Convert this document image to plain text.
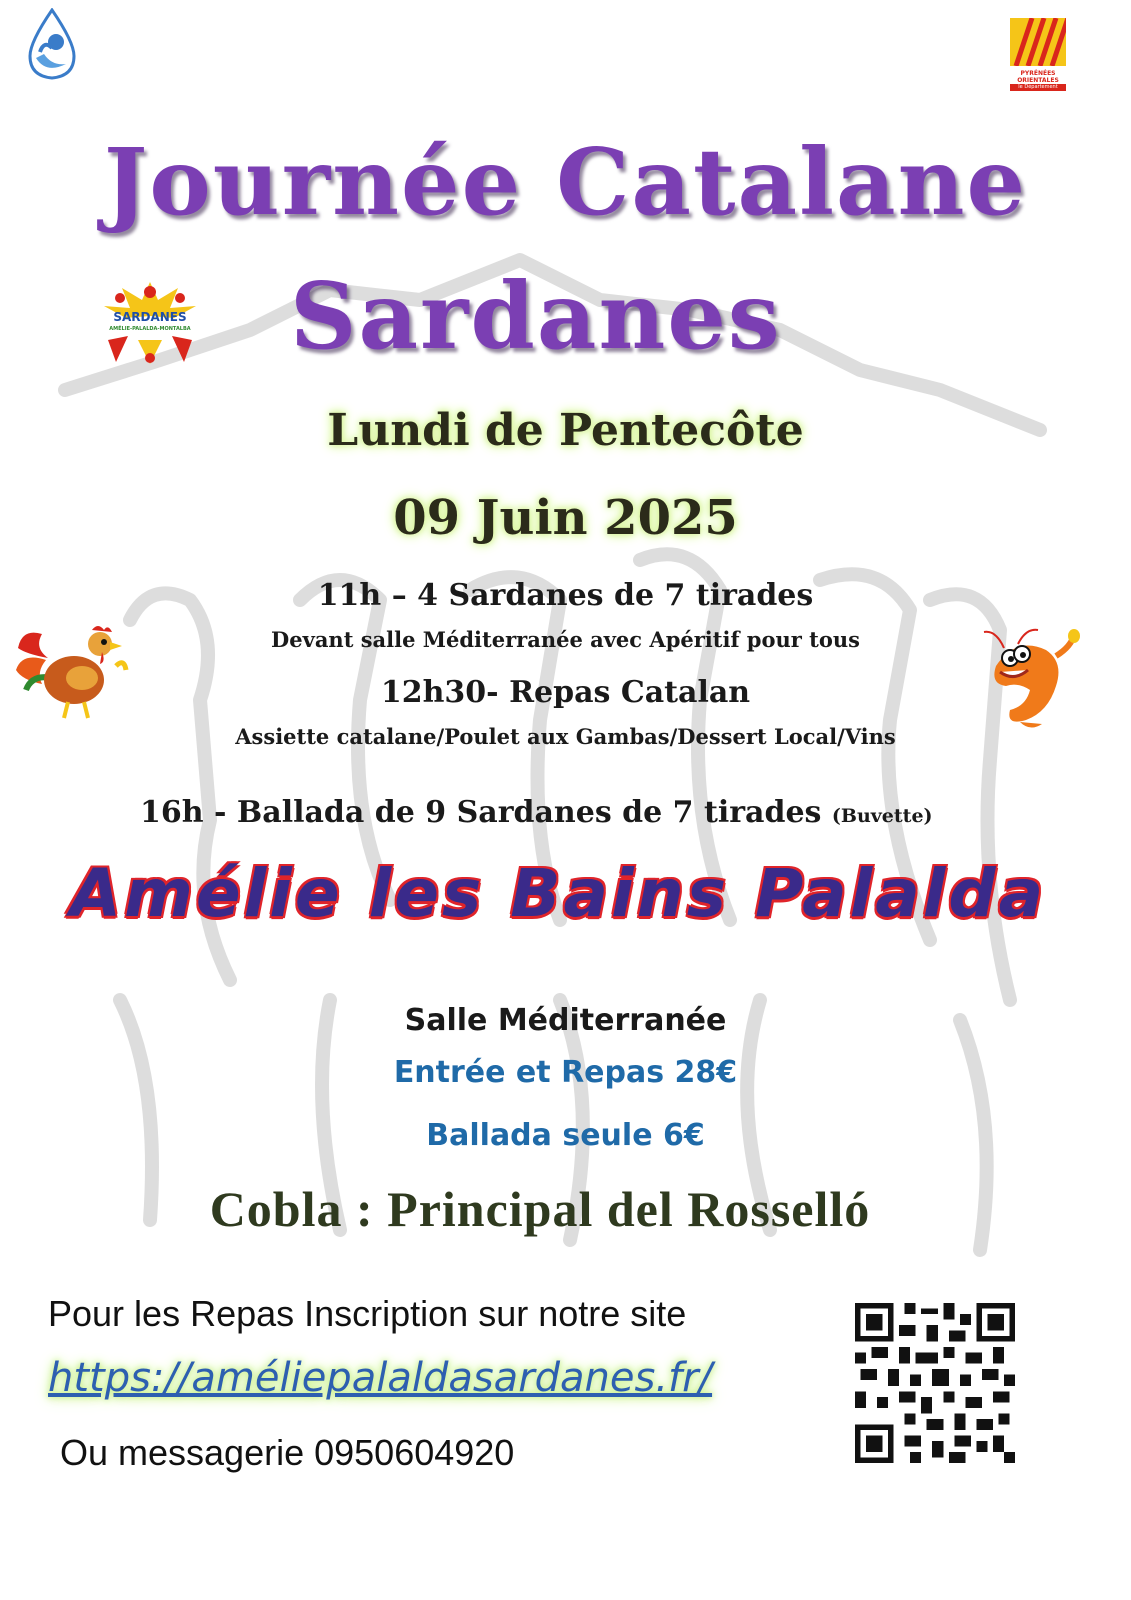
PYRÉNÉES ORIENTALES
le Département
Journée Catalane
SARDANES
AMÉLIE-PALALDA-MONTALBA Sardanes
Lundi de Pentecôte
09 Juin 2025
11h – 4 Sardanes de 7 tirades
Devant salle Méditerranée avec Apéritif pour tous
12h30- Repas Catalan
Assiette catalane/Poulet aux Gambas/Dessert Local/Vins
16h - Ballada de 9 Sardanes de 7 tirades (Buvette)
Amélie les Bains Palalda
Salle Méditerranée
Entrée et Repas 28€
Ballada seule 6€
Cobla : Principal del Rosselló
Pour les Repas Inscription sur notre site
https://améliepalaldasardanes.fr/
Ou messagerie 0950604920
